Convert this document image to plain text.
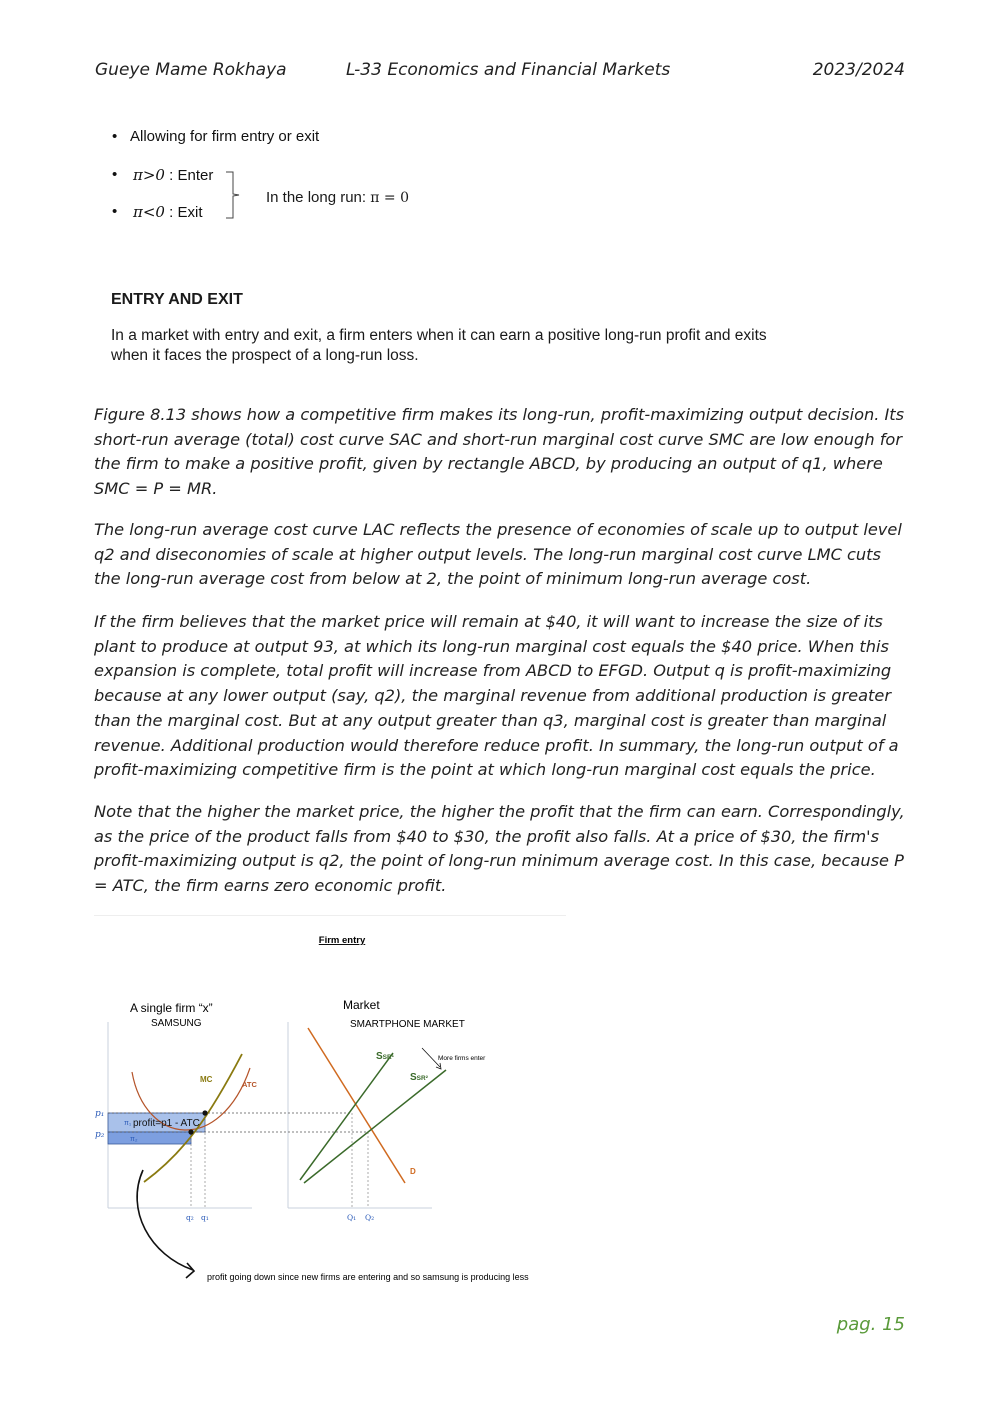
Gueye Mame Rokhaya	L-33 Economics and Financial Markets	2023/2024
• Allowing for firm entry or exit
• π>0 : Enter
• π<0 : Exit
In the long run: π = 0
ENTRY AND EXIT
In a market with entry and exit, a firm enters when it can earn a positive long-run profit and exits when it faces the prospect of a long-run loss.

Figure 8.13 shows how a competitive firm makes its long-run, profit-maximizing output decision. Its short-run average (total) cost curve SAC and short-run marginal cost curve SMC are low enough for the firm to make a positive profit, given by rectangle ABCD, by producing an output of q1, where SMC = P = MR.

The long-run average cost curve LAC reflects the presence of economies of scale up to output level q2 and diseconomies of scale at higher output levels. The long-run marginal cost curve LMC cuts the long-run average cost from below at 2, the point of minimum long-run average cost.

If the firm believes that the market price will remain at $40, it will want to increase the size of its plant to produce at output 93, at which its long-run marginal cost equals the $40 price. When this expansion is complete, total profit will increase from ABCD to EFGD. Output q is profit-maximizing because at any lower output (say, q2), the marginal revenue from additional production is greater than the marginal cost. But at any output greater than q3, marginal cost is greater than marginal revenue. Additional production would therefore reduce profit. In summary, the long-run output of a profit-maximizing competitive firm is the point at which long-run marginal cost equals the price.

Note that the higher the market price, the higher the profit that the firm can earn. Correspondingly, as the price of the product falls from $40 to $30, the profit also falls. At a price of $30, the firm's profit-maximizing output is q2, the point of long-run minimum average cost. In this case, because P = ATC, the firm earns zero economic profit.

Firm entry
A single firm “x”
SAMSUNG
Market
SMARTPHONE MARKET
MC
ATC
p₁
p₂
π₁ profit=p1 - ATC
π₂
q₂ q₁
SSR¹
SSR²
More firms enter
D
Q₁ Q₂
profit going down since new firms are entering and so samsung is producing less
pag. 15
